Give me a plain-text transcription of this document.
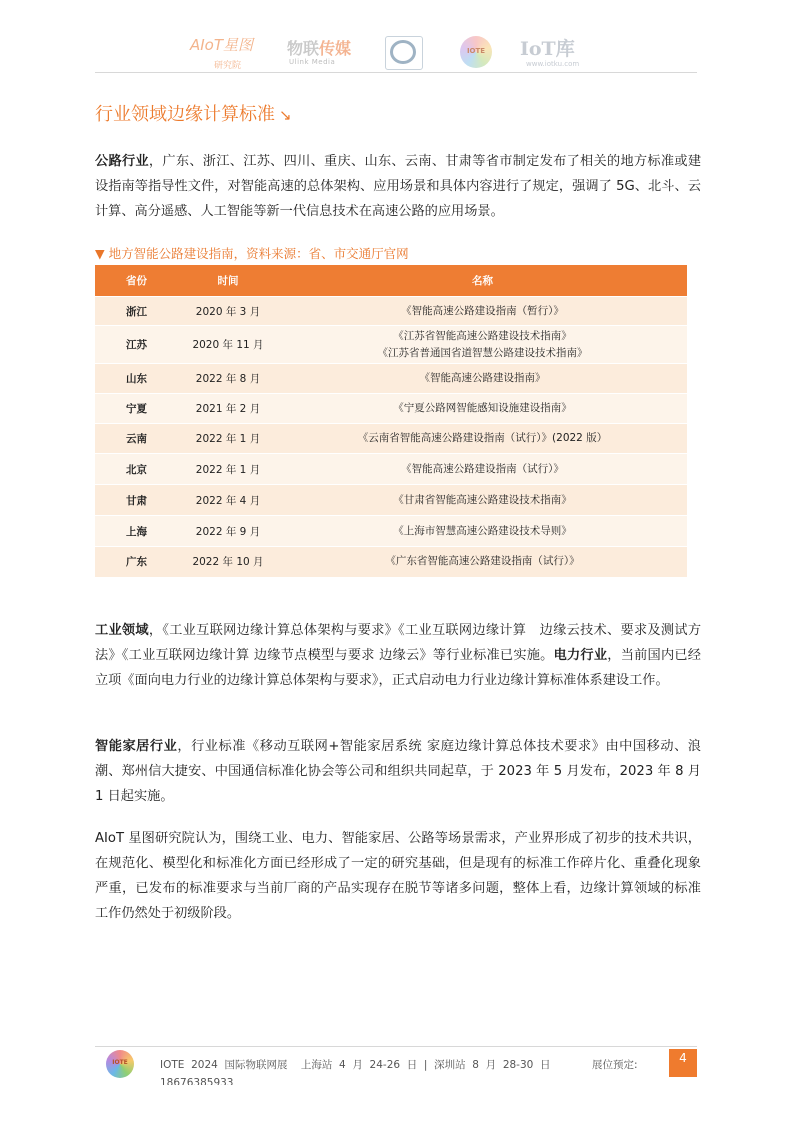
AIoT星图
研究院
物联传媒
Ulink Media
IOTE IoT库
www.iotku.com
行业领域边缘计算标准 ↘
公路行业，广东、浙江、江苏、四川、重庆、山东、云南、甘肃等省市制定发布了相关的地方标准或建设指南等指导性文件，对智能高速的总体架构、应用场景和具体内容进行了规定，强调了 5G、北斗、云计算、高分遥感、人工智能等新一代信息技术在高速公路的应用场景。
▼ 地方智能公路建设指南，资料来源：省、市交通厅官网
省份	时间	名称
浙江	2020 年 3 月	《智能高速公路建设指南（暂行）》

江苏	2020 年 11 月	《江苏省智能高速公路建设技术指南》
《江苏省普通国省道智慧公路建设技术指南》

山东	2022 年 8 月	《智能高速公路建设指南》

宁夏	2021 年 2 月	《宁夏公路网智能感知设施建设指南》

云南	2022 年 1 月	《云南省智能高速公路建设指南（试行）》(2022 版）

北京	2022 年 1 月	《智能高速公路建设指南（试行）》

甘肃	2022 年 4 月	《甘肃省智能高速公路建设技术指南》

上海	2022 年 9 月	《上海市智慧高速公路建设技术导则》

广东	2022 年 10 月	《广东省智能高速公路建设指南（试行）》
工业领域，《工业互联网边缘计算总体架构与要求》《工业互联网边缘计算　边缘云技术、要求及测试方法》《工业互联网边缘计算 边缘节点模型与要求 边缘云》等行业标准已实施。电力行业，当前国内已经立项《面向电力行业的边缘计算总体架构与要求》，正式启动电力行业边缘计算标准体系建设工作。
智能家居行业，行业标准《移动互联网+智能家居系统 家庭边缘计算总体技术要求》由中国移动、浪潮、郑州信大捷安、中国通信标准化协会等公司和组织共同起草，于 2023 年 5 月发布，2023 年 8 月 1 日起实施。
AIoT 星图研究院认为，围绕工业、电力、智能家居、公路等场景需求，产业界形成了初步的技术共识，在规范化、模型化和标准化方面已经形成了一定的研究基础，但是现有的标准工作碎片化、重叠化现象严重，已发布的标准要求与当前厂商的产品实现存在脱节等诸多问题，整体上看，边缘计算领域的标准工作仍然处于初级阶段。
IOTE	IOTE  2024  国际物联网展    上海站  4  月  24-26  日  |  深圳站  8  月  28-30  日
18676385933
展位预定:	4
